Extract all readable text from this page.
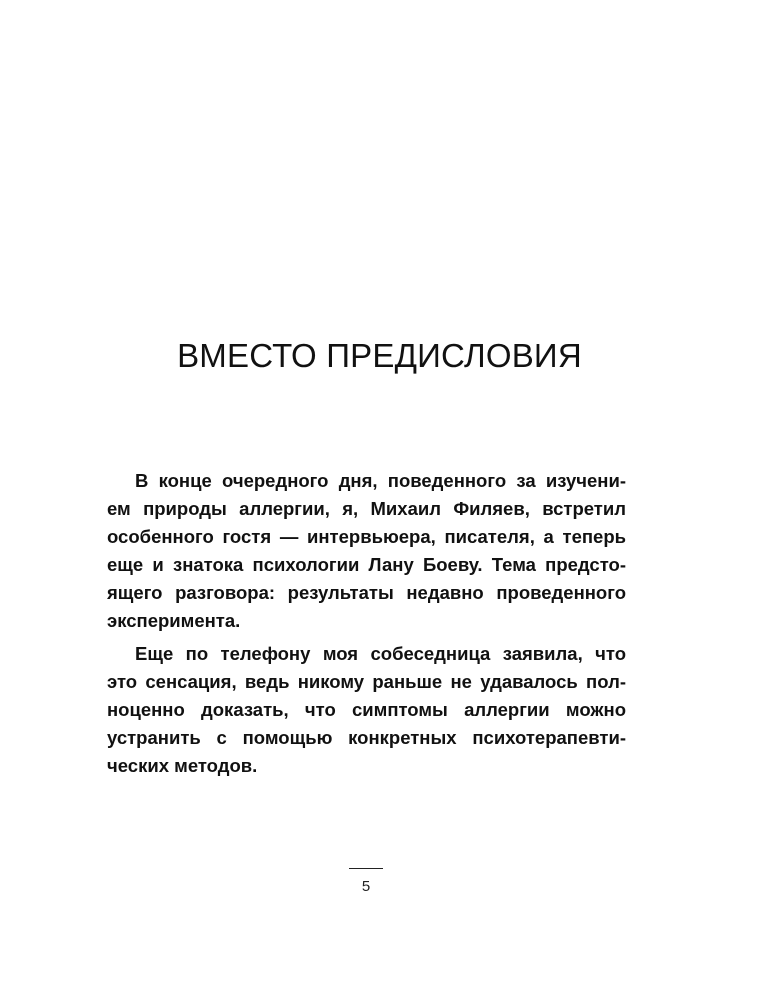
ВМЕСТО ПРЕДИСЛОВИЯ
В конце очередного дня, поведенного за изучени-
ем природы аллергии, я, Михаил Филяев, встретил
особенного гостя — интервьюера, писателя, а теперь
еще и знатока психологии Лану Боеву. Тема предсто-
ящего разговора: результаты недавно проведенного
эксперимента.
Еще по телефону моя собеседница заявила, что
это сенсация, ведь никому раньше не удавалось пол-
ноценно доказать, что симптомы аллергии можно
устранить с помощью конкретных психотерапевти-
ческих методов.
5
